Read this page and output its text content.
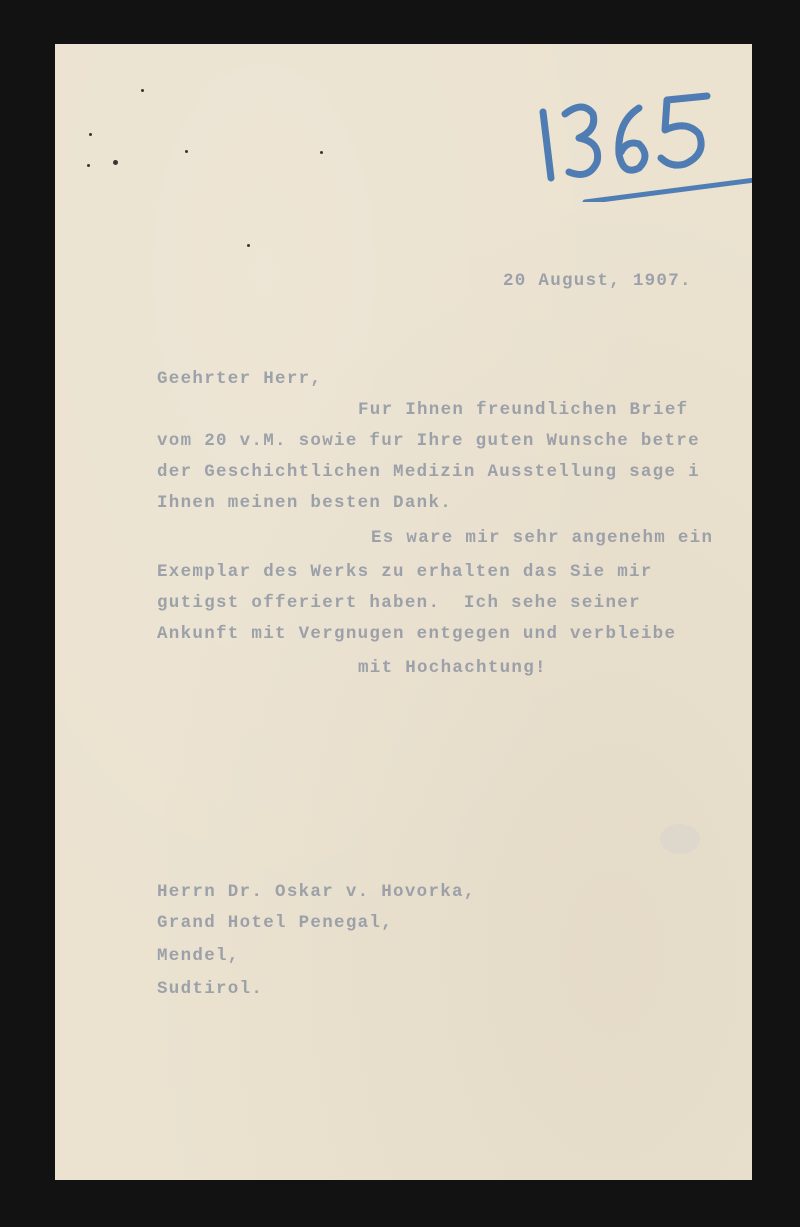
20 August, 1907.
Geehrter Herr,
Fur Ihnen freundlichen Brief
vom 20 v.M. sowie fur Ihre guten Wunsche betre
der Geschichtlichen Medizin Ausstellung sage i
Ihnen meinen besten Dank.
Es ware mir sehr angenehm ein
Exemplar des Werks zu erhalten das Sie mir
gutigst offeriert haben.  Ich sehe seiner
Ankunft mit Vergnugen entgegen und verbleibe
mit Hochachtung!
Herrn Dr. Oskar v. Hovorka,
Grand Hotel Penegal,
Mendel,
Sudtirol.
